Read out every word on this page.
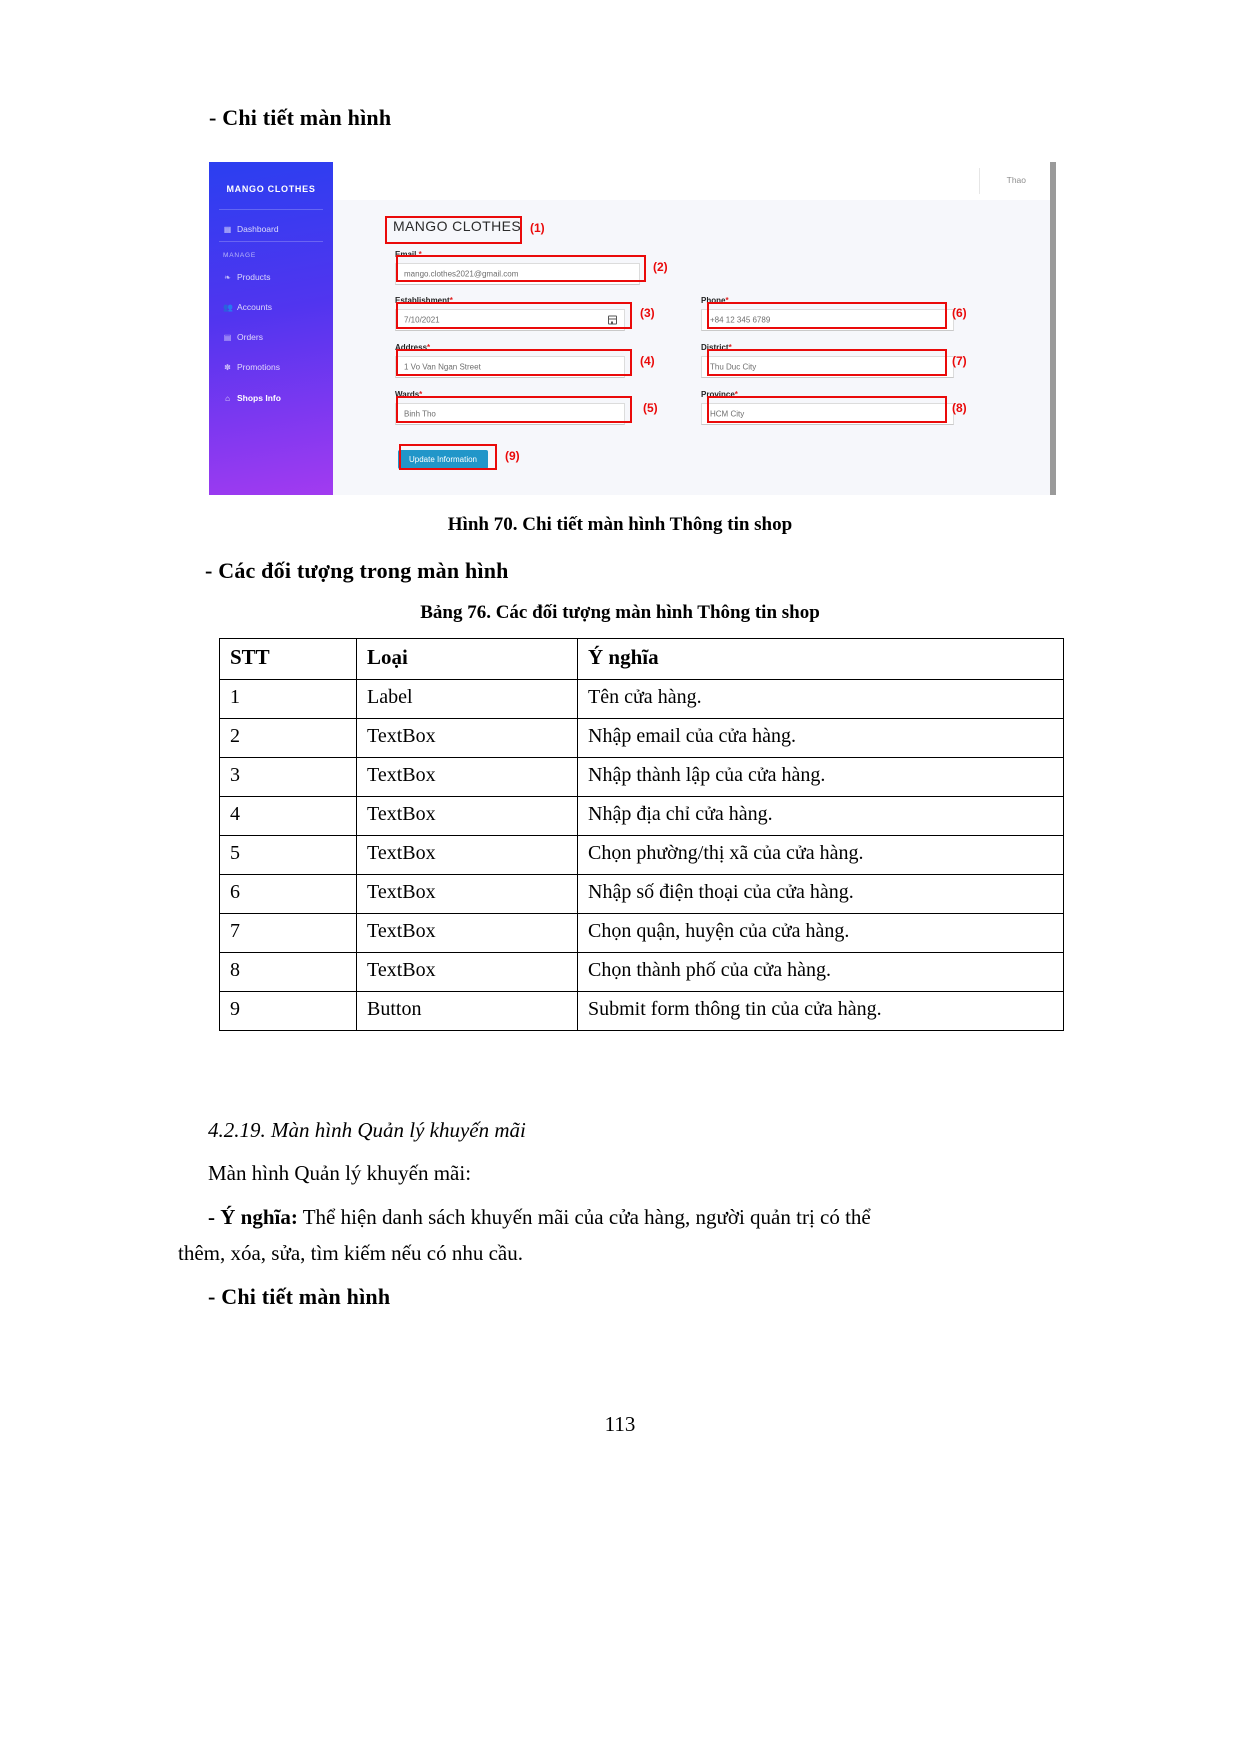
- Chi tiết màn hình
MANGO CLOTHES
▦ Dashboard
MANAGE
❧ Products
👥 Accounts
▤ Orders
✽ Promotions
⌂ Shops Info
Thao
MANGO CLOTHES
Email *
mango.clothes2021@gmail.com
Establishment*
7/10/2021
Address*
1 Vo Van Ngan Street
Wards*
Binh Tho
Phone*
+84 12 345 6789
District*
Thu Duc City
Province*
HCM City
Update Information
(1)
(2)
(3)
(4)
(5)
(6)
(7)
(8)
(9)
Hình 70. Chi tiết màn hình Thông tin shop
- Các đối tượng trong màn hình
Bảng 76. Các đối tượng màn hình Thông tin shop
STT	Loại	Ý nghĩa
1	Label	Tên cửa hàng.
2	TextBox	Nhập email của cửa hàng.
3	TextBox	Nhập thành lập của cửa hàng.
4	TextBox	Nhập địa chỉ cửa hàng.
5	TextBox	Chọn phường/thị xã của cửa hàng.
6	TextBox	Nhập số điện thoại của cửa hàng.
7	TextBox	Chọn quận, huyện của cửa hàng.
8	TextBox	Chọn thành phố của cửa hàng.
9	Button	Submit form thông tin của cửa hàng.
4.2.19. Màn hình Quản lý khuyến mãi
Màn hình Quản lý khuyến mãi:
- Ý nghĩa: Thể hiện danh sách khuyến mãi của cửa hàng, người quản trị có thể
thêm, xóa, sửa, tìm kiếm nếu có nhu cầu.
- Chi tiết màn hình
113
